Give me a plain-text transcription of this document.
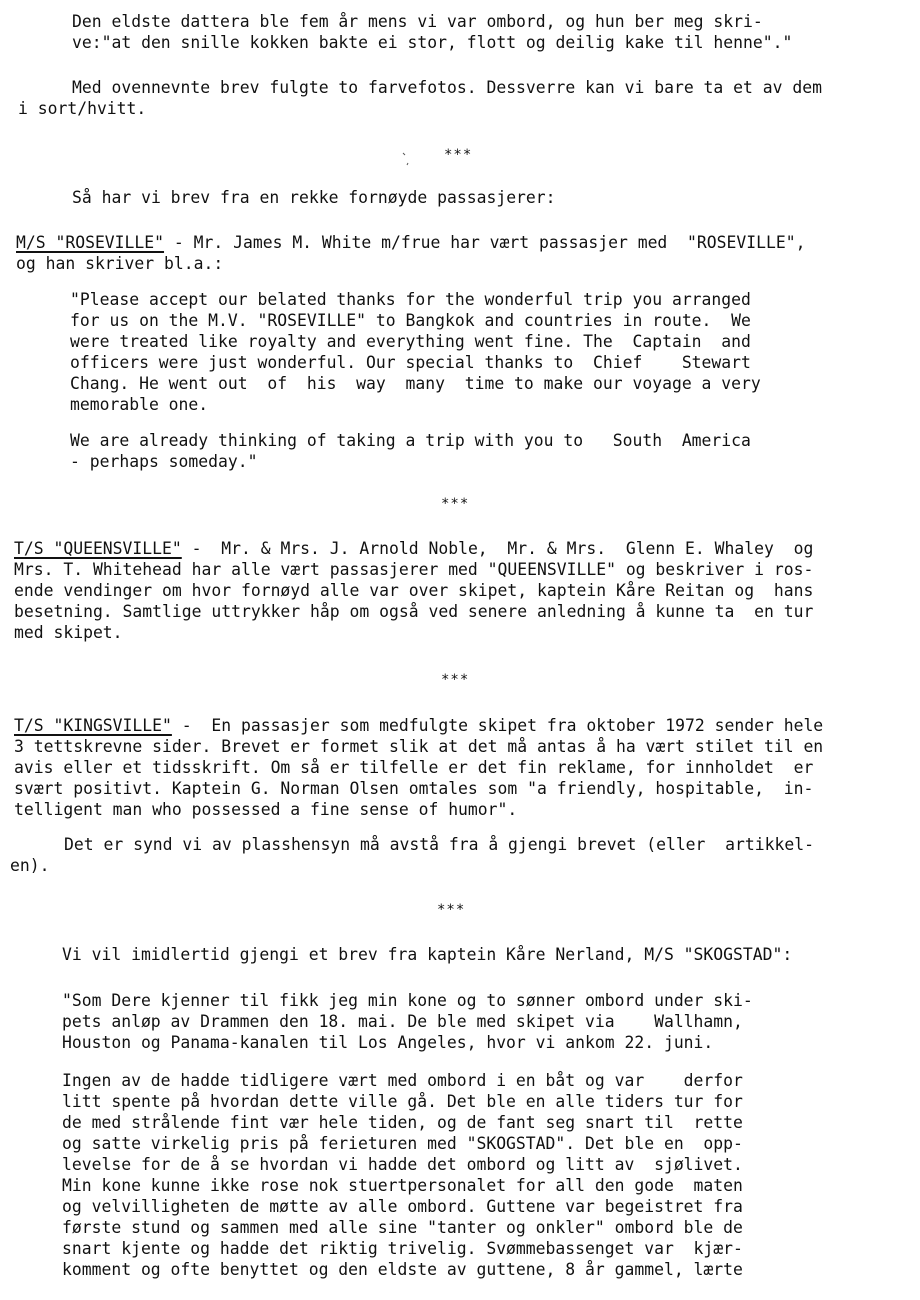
Den eldste dattera ble fem år mens vi var ombord, og hun ber meg skri-

ve:"at den snille kokken bakte ei stor, flott og deilig kake til henne"."

Med ovennevnte brev fulgte to farvefotos. Dessverre kan vi bare ta et av dem

i sort/hvitt.

***

Så har vi brev fra en rekke fornøyde passasjerer:

M/S "ROSEVILLE" - Mr. James M. White m/frue har vært passasjer med  "ROSEVILLE",

og han skriver bl.a.:

"Please accept our belated thanks for the wonderful trip you arranged

for us on the M.V. "ROSEVILLE" to Bangkok and countries in route.  We

were treated like royalty and everything went fine. The  Captain  and

officers were just wonderful. Our special thanks to  Chief    Stewart

Chang. He went out  of  his  way  many  time to make our voyage a very

memorable one.

We are already thinking of taking a trip with you to   South  America

- perhaps someday."

***

T/S "QUEENSVILLE" -  Mr. & Mrs. J. Arnold Noble,  Mr. & Mrs.  Glenn E. Whaley  og

Mrs. T. Whitehead har alle vært passasjerer med "QUEENSVILLE" og beskriver i ros-

ende vendinger om hvor fornøyd alle var over skipet, kaptein Kåre Reitan og  hans

besetning. Samtlige uttrykker håp om også ved senere anledning å kunne ta  en tur

med skipet.

***

T/S "KINGSVILLE" -  En passasjer som medfulgte skipet fra oktober 1972 sender hele

3 tettskrevne sider. Brevet er formet slik at det må antas å ha vært stilet til en

avis eller et tidsskrift. Om så er tilfelle er det fin reklame, for innholdet  er

svært positivt. Kaptein G. Norman Olsen omtales som "a friendly, hospitable,  in-

telligent man who possessed a fine sense of humor".

Det er synd vi av plasshensyn må avstå fra å gjengi brevet (eller  artikkel-

en).

***

Vi vil imidlertid gjengi et brev fra kaptein Kåre Nerland, M/S "SKOGSTAD":

"Som Dere kjenner til fikk jeg min kone og to sønner ombord under ski-

pets anløp av Drammen den 18. mai. De ble med skipet via    Wallhamn,

Houston og Panama-kanalen til Los Angeles, hvor vi ankom 22. juni.

Ingen av de hadde tidligere vært med ombord i en båt og var    derfor

litt spente på hvordan dette ville gå. Det ble en alle tiders tur for

de med strålende fint vær hele tiden, og de fant seg snart til  rette

og satte virkelig pris på ferieturen med "SKOGSTAD". Det ble en  opp-

levelse for de å se hvordan vi hadde det ombord og litt av  sjølivet.

Min kone kunne ikke rose nok stuertpersonalet for all den gode  maten

og velvilligheten de møtte av alle ombord. Guttene var begeistret fra

første stund og sammen med alle sine "tanter og onkler" ombord ble de

snart kjente og hadde det riktig trivelig. Svømmebassenget var  kjær-

komment og ofte benyttet og den eldste av guttene, 8 år gammel, lærte
